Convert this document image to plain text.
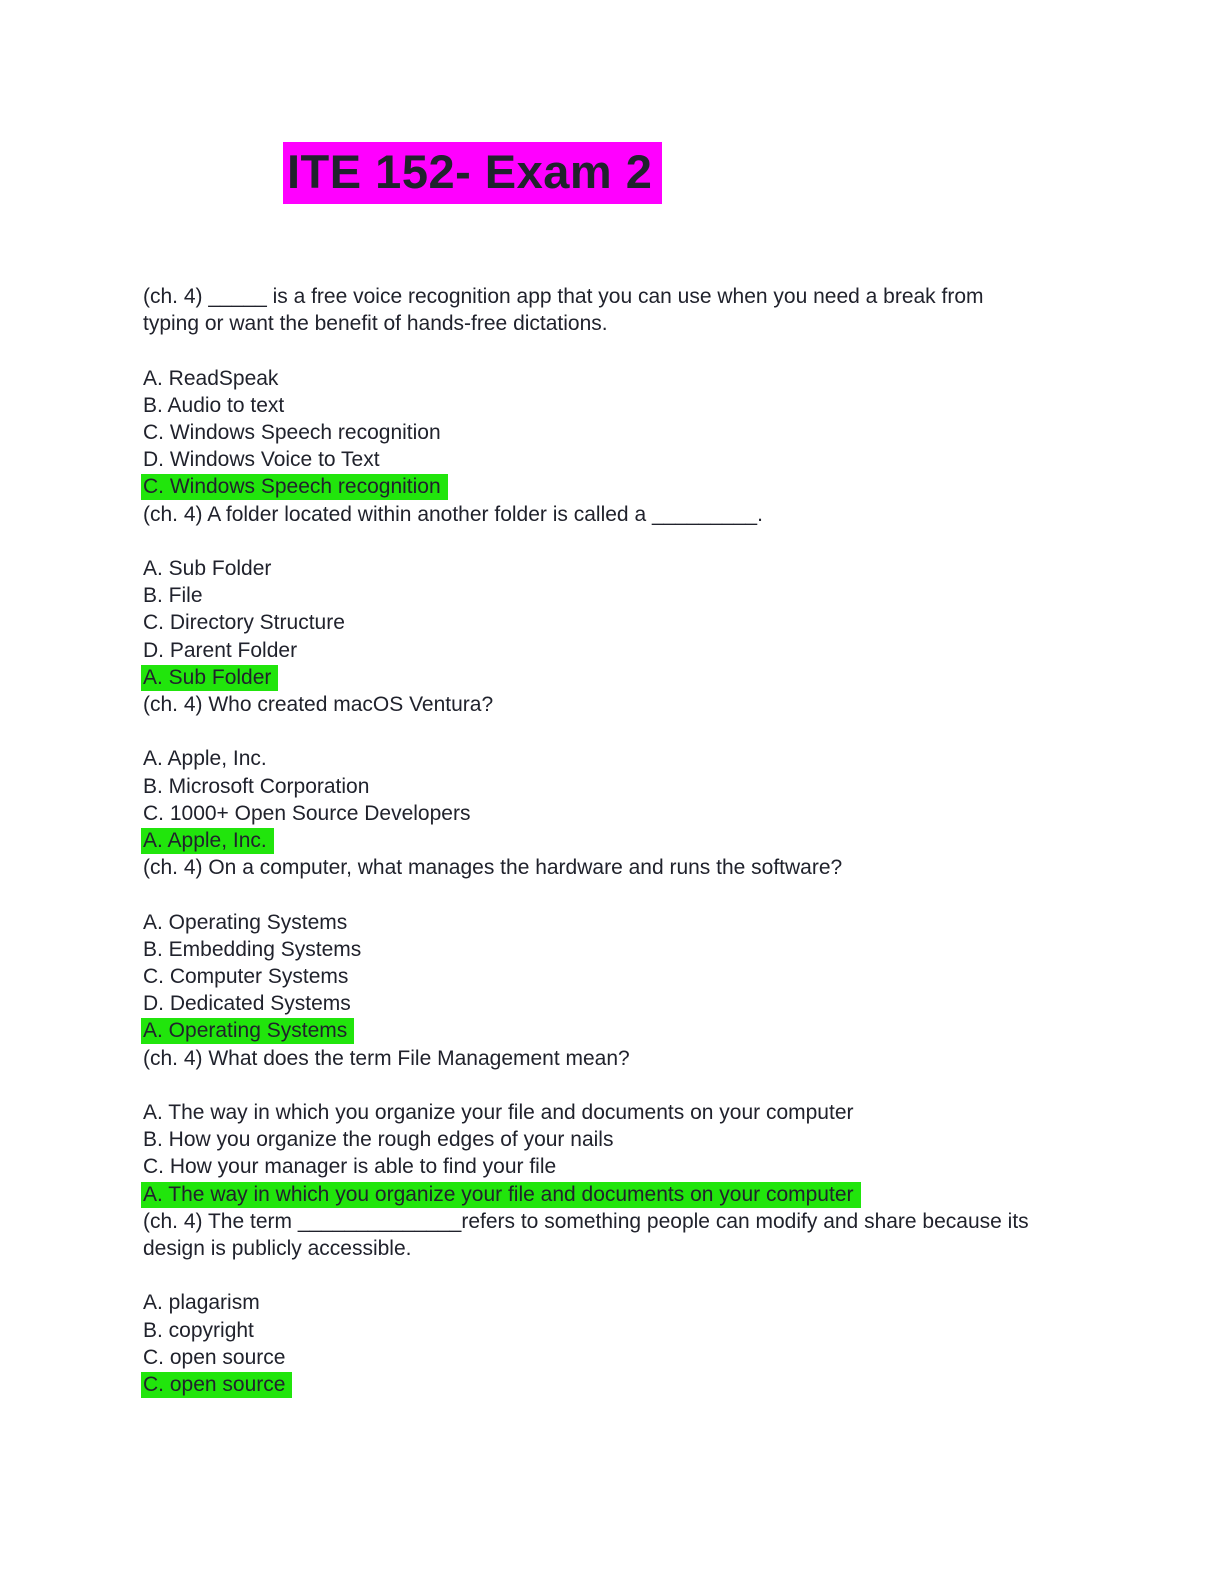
ITE 152- Exam 2

(ch. 4) _____ is a free voice recognition app that you can use when you need a break from typing or want the benefit of hands-free dictations.

A. ReadSpeak

B. Audio to text

C. Windows Speech recognition

D. Windows Voice to Text

C. Windows Speech recognition

(ch. 4) A folder located within another folder is called a _________.

A. Sub Folder

B. File

C. Directory Structure

D. Parent Folder

A. Sub Folder

(ch. 4) Who created macOS Ventura?

A. Apple, Inc.

B. Microsoft Corporation

C. 1000+ Open Source Developers

A. Apple, Inc.

(ch. 4) On a computer, what manages the hardware and runs the software?

A. Operating Systems

B. Embedding Systems

C. Computer Systems

D. Dedicated Systems

A. Operating Systems

(ch. 4) What does the term File Management mean?

A. The way in which you organize your file and documents on your computer

B. How you organize the rough edges of your nails

C. How your manager is able to find your file

A. The way in which you organize your file and documents on your computer

(ch. 4) The term ______________refers to something people can modify and share because its design is publicly accessible.

A. plagarism

B. copyright

C. open source

C. open source
